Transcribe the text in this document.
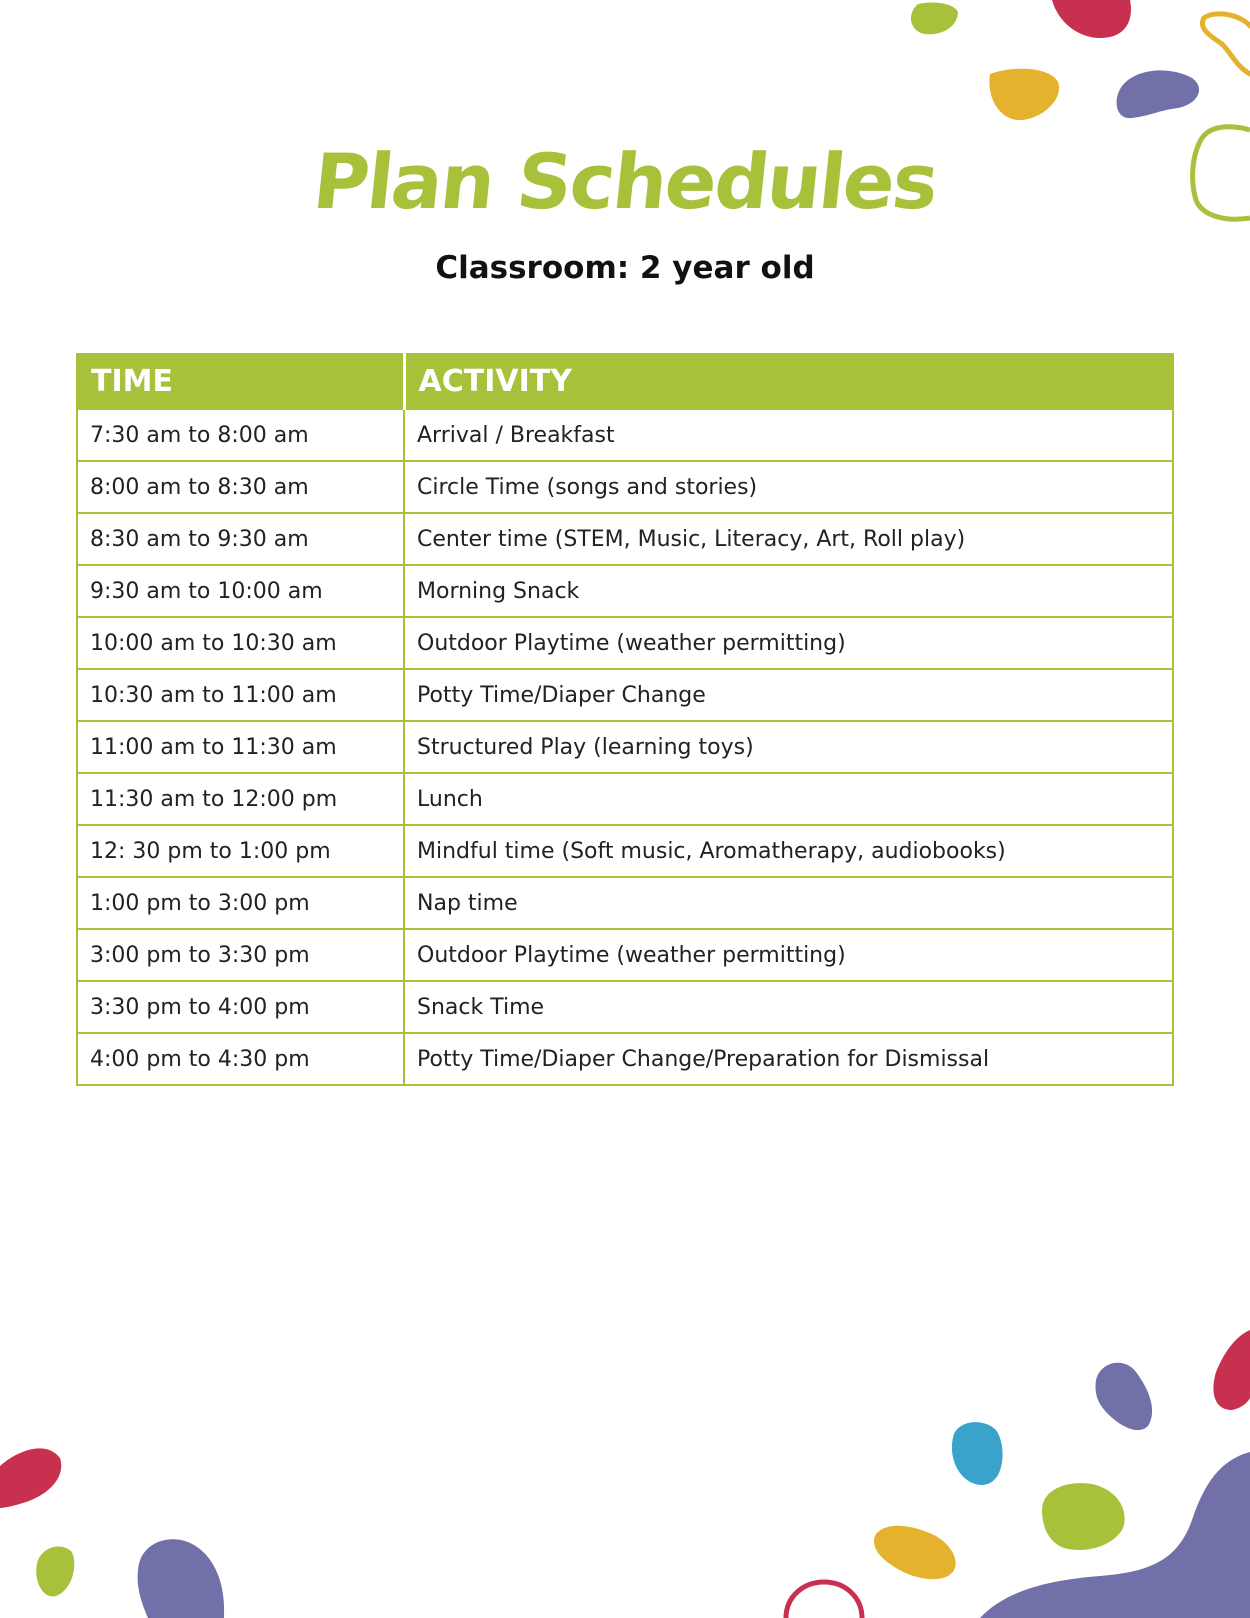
Plan Schedules
Classroom: 2 year old
TIME	ACTIVITY
7:30 am to 8:00 am	Arrival / Breakfast
8:00 am to 8:30 am	Circle Time (songs and stories)
8:30 am to 9:30 am	Center time (STEM, Music, Literacy, Art, Roll play)
9:30 am to 10:00 am	Morning Snack
10:00 am to 10:30 am	Outdoor Playtime (weather permitting)
10:30 am to 11:00 am	Potty Time/Diaper Change
11:00 am to 11:30 am	Structured Play (learning toys)
11:30 am to 12:00 pm	Lunch
12: 30 pm to 1:00 pm	Mindful time (Soft music, Aromatherapy, audiobooks)
1:00 pm to 3:00 pm	Nap time
3:00 pm to 3:30 pm	Outdoor Playtime (weather permitting)
3:30 pm to 4:00 pm	Snack Time
4:00 pm to 4:30 pm	Potty Time/Diaper Change/Preparation for Dismissal
